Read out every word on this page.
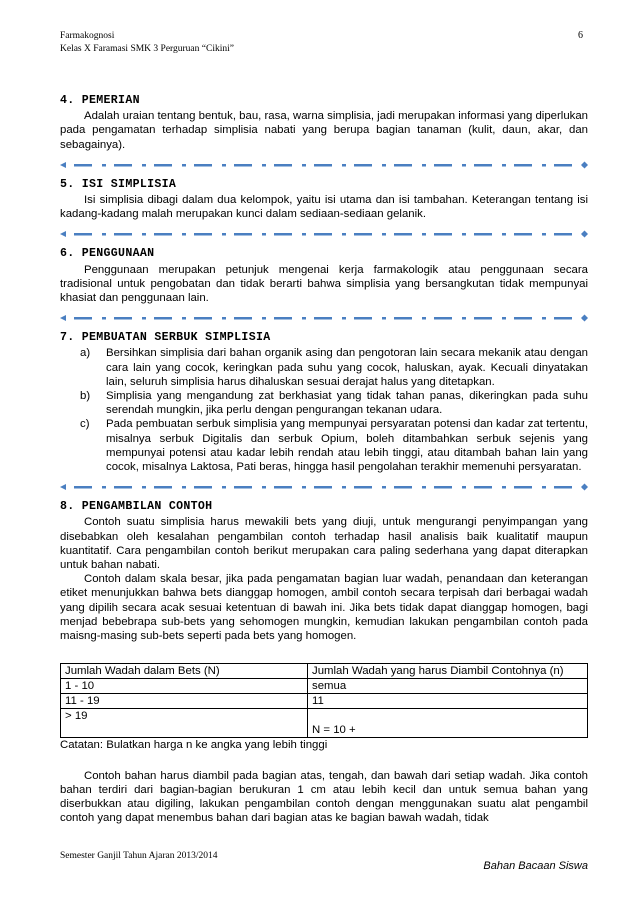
Farmakognosi
Kelas X Faramasi SMK 3 Perguruan “Cikini”
6
4. PEMERIAN

Adalah uraian tentang bentuk, bau, rasa, warna simplisia, jadi merupakan informasi yang diperlukan pada pengamatan terhadap simplisia nabati yang berupa bagian tanaman (kulit, daun, akar, dan sebagainya).

5. ISI SIMPLISIA

Isi simplisia dibagi dalam dua kelompok, yaitu isi utama dan isi tambahan. Keterangan tentang isi kadang-kadang malah merupakan kunci dalam sediaan-sediaan gelanik.

6. PENGGUNAAN

Penggunaan merupakan petunjuk mengenai kerja farmakologik atau penggunaan secara tradisional untuk pengobatan dan tidak berarti bahwa simplisia yang bersangkutan tidak mempunyai khasiat dan penggunaan lain.

7. PEMBUATAN SERBUK SIMPLISIA
a) Bersihkan simplisia dari bahan organik asing dan pengotoran lain secara mekanik atau dengan cara lain yang cocok, keringkan pada suhu yang cocok, haluskan, ayak. Kecuali dinyatakan lain, seluruh simplisia harus dihaluskan sesuai derajat halus yang ditetapkan.
b) Simplisia yang mengandung zat berkhasiat yang tidak tahan panas, dikeringkan pada suhu serendah mungkin, jika perlu dengan pengurangan tekanan udara.
c) Pada pembuatan serbuk simplisia yang mempunyai persyaratan potensi dan kadar zat tertentu, misalnya serbuk Digitalis dan serbuk Opium, boleh ditambahkan serbuk sejenis yang mempunyai potensi atau kadar lebih rendah atau lebih tinggi, atau ditambah bahan lain yang cocok, misalnya Laktosa, Pati beras, hingga hasil pengolahan terakhir memenuhi persyaratan.
8. PENGAMBILAN CONTOH

Contoh suatu simplisia harus mewakili bets yang diuji, untuk mengurangi penyimpangan yang disebabkan oleh kesalahan pengambilan contoh terhadap hasil analisis baik kualitatif maupun kuantitatif. Cara pengambilan contoh berikut merupakan cara paling sederhana yang dapat diterapkan untuk bahan nabati.

Contoh dalam skala besar, jika pada pengamatan bagian luar wadah, penandaan dan keterangan etiket menunjukkan bahwa bets dianggap homogen, ambil contoh secara terpisah dari berbagai wadah yang dipilih secara acak sesuai ketentuan di bawah ini. Jika bets tidak dapat dianggap homogen, bagi menjad bebebrapa sub-bets yang sehomogen mungkin, kemudian lakukan pengambilan contoh pada maisng-masing sub-bets seperti pada bets yang homogen.

Jumlah Wadah dalam Bets (N)	Jumlah Wadah yang harus Diambil Contohnya (n)
1 - 10	semua
11 - 19	11
> 19	N = 10 +

Catatan: Bulatkan harga n ke angka yang lebih tinggi

Contoh bahan harus diambil pada bagian atas, tengah, dan bawah dari setiap wadah. Jika contoh bahan terdiri dari bagian-bagian berukuran 1 cm atau lebih kecil dan untuk semua bahan yang diserbukkan atau digiling, lakukan pengambilan contoh dengan menggunakan suatu alat pengambil contoh yang dapat menembus bahan dari bagian atas ke bagian bawah wadah, tidak

Semester Ganjil Tahun Ajaran 2013/2014
Bahan Bacaan Siswa
